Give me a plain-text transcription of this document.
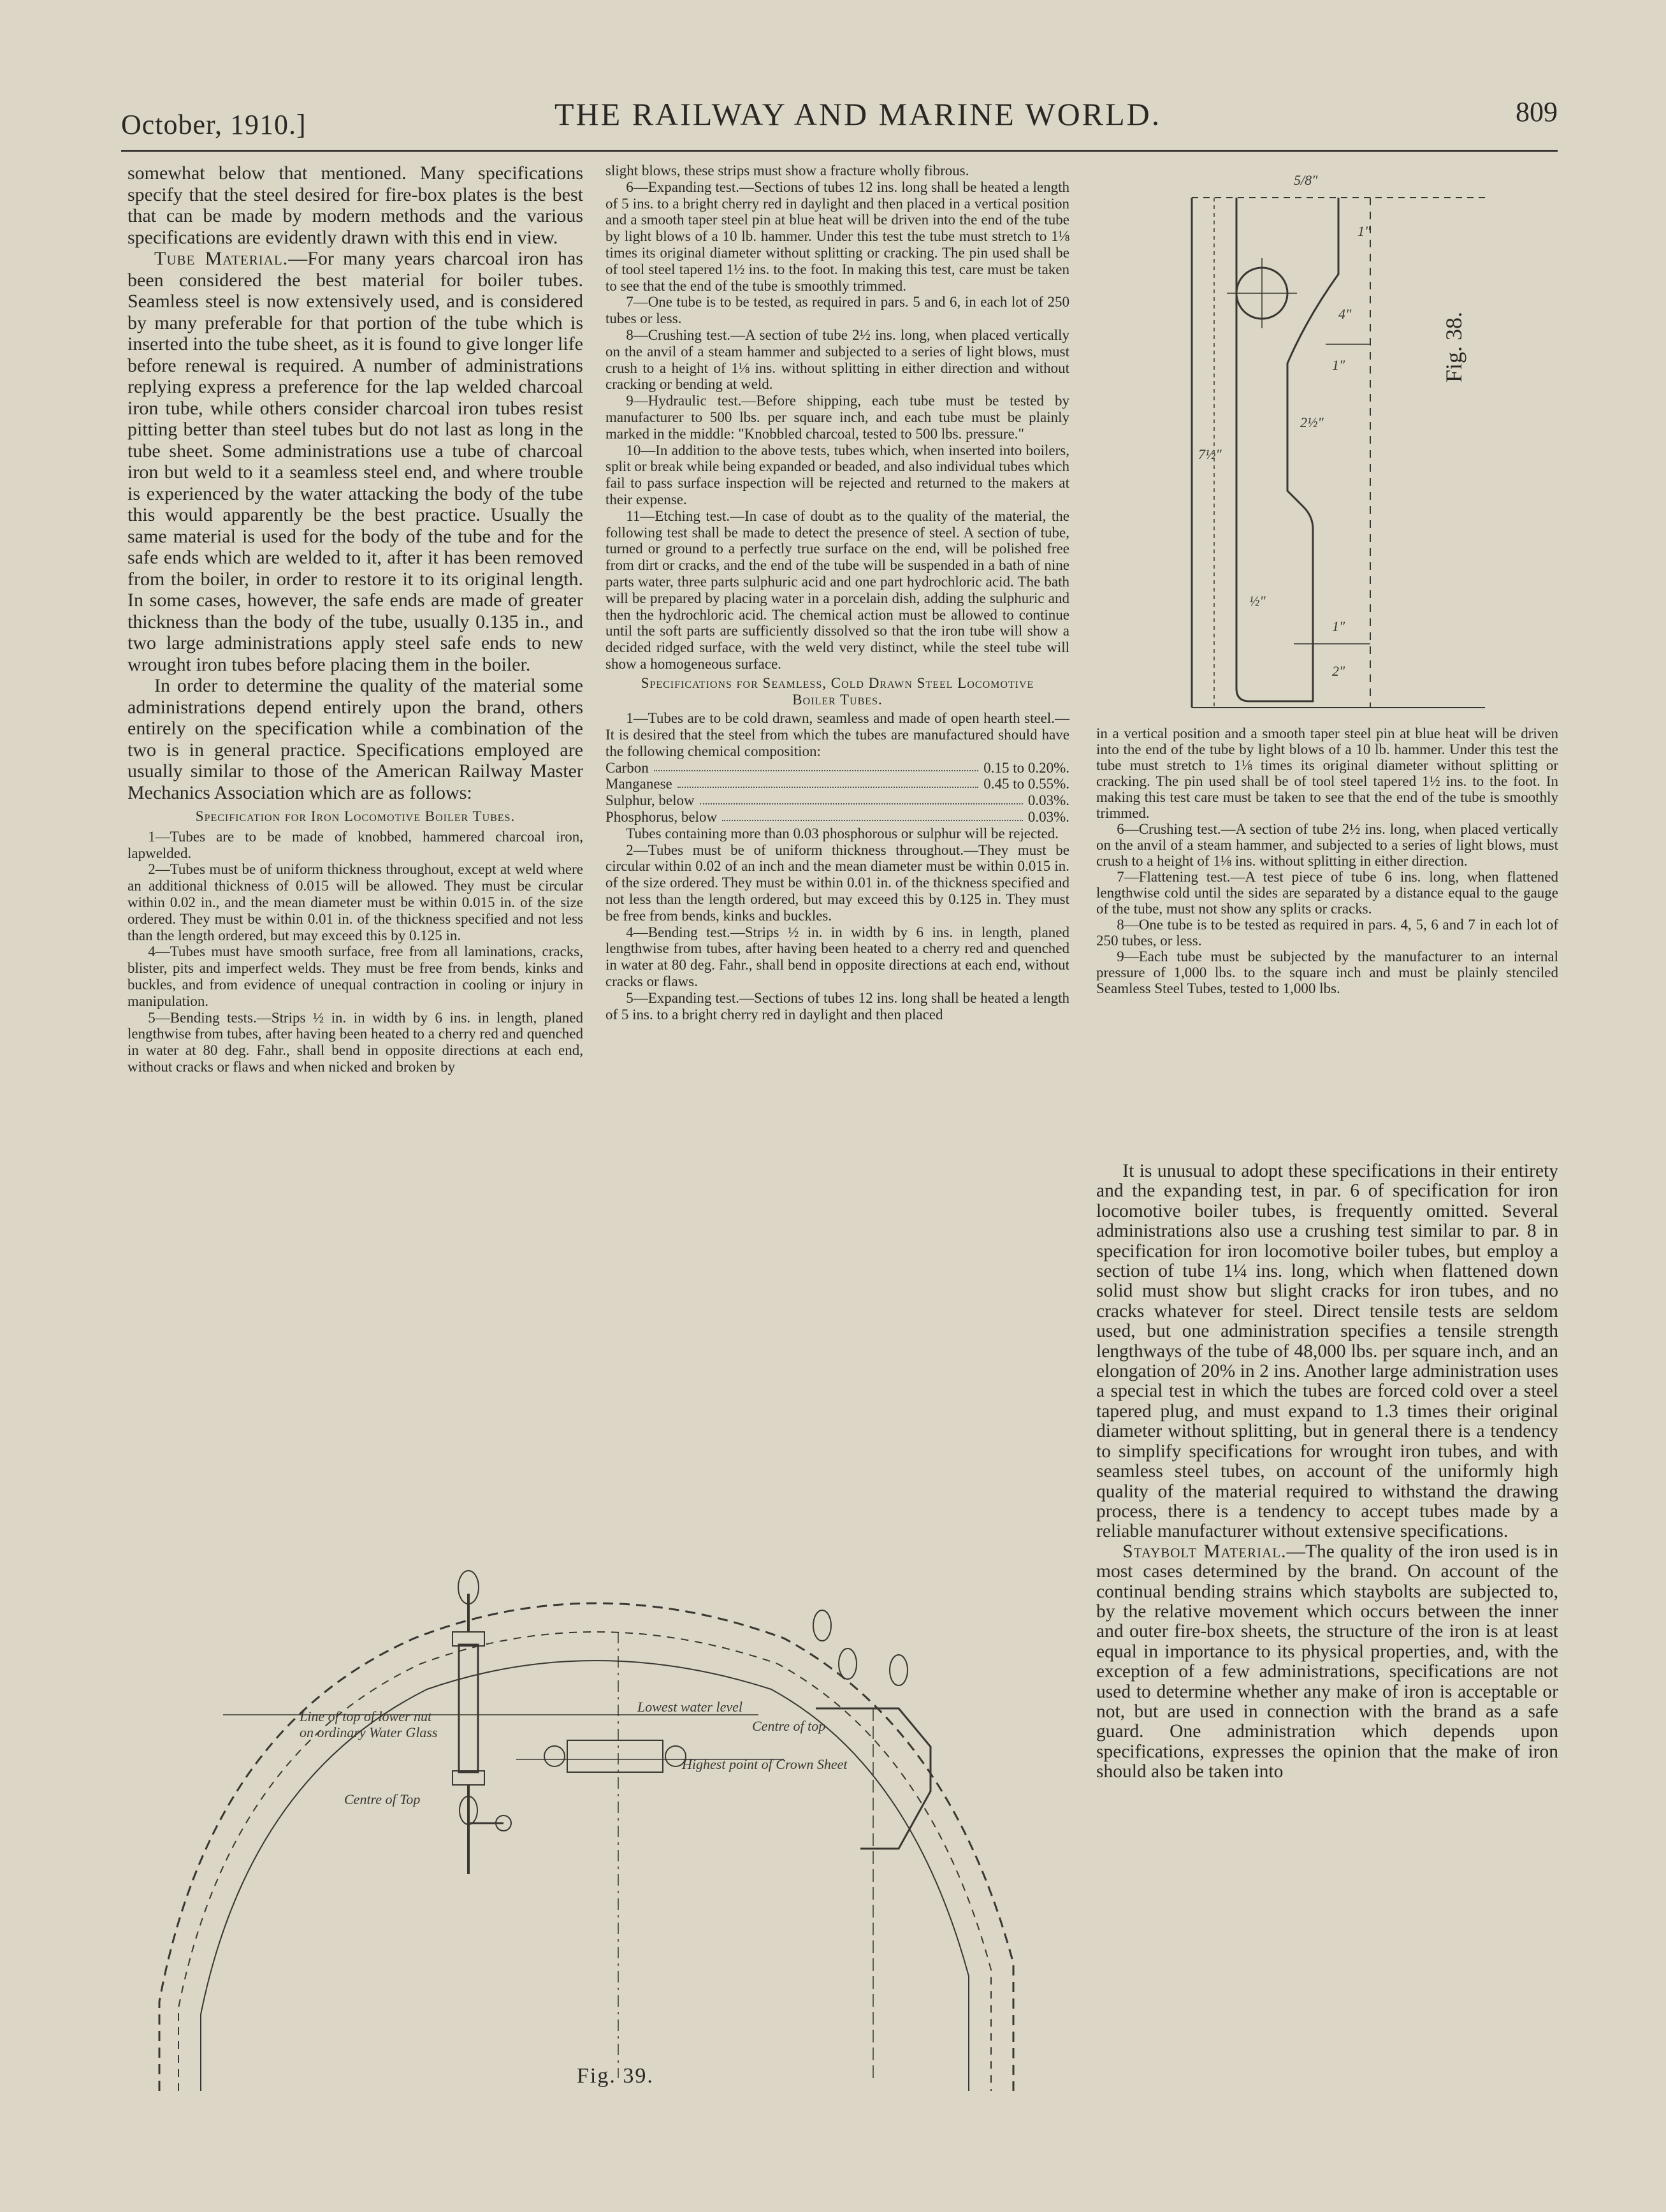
October, 1910.]	THE RAILWAY AND MARINE WORLD.	809

somewhat below that mentioned. Many specifications specify that the steel desired for fire-box plates is the best that can be made by modern methods and the various specifications are evidently drawn with this end in view.

Tube Material.—For many years charcoal iron has been considered the best material for boiler tubes. Seamless steel is now extensively used, and is considered by many preferable for that portion of the tube which is inserted into the tube sheet, as it is found to give longer life before renewal is required. A number of administrations replying express a preference for the lap welded charcoal iron tube, while others consider charcoal iron tubes resist pitting better than steel tubes but do not last as long in the tube sheet. Some administrations use a tube of charcoal iron but weld to it a seamless steel end, and where trouble is experienced by the water attacking the body of the tube this would apparently be the best practice. Usually the same material is used for the body of the tube and for the safe ends which are welded to it, after it has been removed from the boiler, in order to restore it to its original length. In some cases, however, the safe ends are made of greater thickness than the body of the tube, usually 0.135 in., and two large administrations apply steel safe ends to new wrought iron tubes before placing them in the boiler.

In order to determine the quality of the material some administrations depend entirely upon the brand, others entirely on the specification while a combination of the two is in general practice. Specifications employed are usually similar to those of the American Railway Master Mechanics Association which are as follows:

Specification for Iron Locomotive Boiler Tubes.

1—Tubes are to be made of knobbed, hammered charcoal iron, lapwelded.

2—Tubes must be of uniform thickness throughout, except at weld where an additional thickness of 0.015 will be allowed. They must be circular within 0.02 in., and the mean diameter must be within 0.015 in. of the size ordered. They must be within 0.01 in. of the thickness specified and not less than the length ordered, but may exceed this by 0.125 in.

4—Tubes must have smooth surface, free from all laminations, cracks, blister, pits and imperfect welds. They must be free from bends, kinks and buckles, and from evidence of unequal contraction in cooling or injury in manipulation.

5—Bending tests.—Strips ½ in. in width by 6 ins. in length, planed lengthwise from tubes, after having been heated to a cherry red and quenched in water at 80 deg. Fahr., shall bend in opposite directions at each end, without cracks or flaws and when nicked and broken by

slight blows, these strips must show a fracture wholly fibrous.

6—Expanding test.—Sections of tubes 12 ins. long shall be heated a length of 5 ins. to a bright cherry red in daylight and then placed in a vertical position and a smooth taper steel pin at blue heat will be driven into the end of the tube by light blows of a 10 lb. hammer. Under this test the tube must stretch to 1⅛ times its original diameter without splitting or cracking. The pin used shall be of tool steel tapered 1½ ins. to the foot. In making this test, care must be taken to see that the end of the tube is smoothly trimmed.

7—One tube is to be tested, as required in pars. 5 and 6, in each lot of 250 tubes or less.

8—Crushing test.—A section of tube 2½ ins. long, when placed vertically on the anvil of a steam hammer and subjected to a series of light blows, must crush to a height of 1⅛ ins. without splitting in either direction and without cracking or bending at weld.

9—Hydraulic test.—Before shipping, each tube must be tested by manufacturer to 500 lbs. per square inch, and each tube must be plainly marked in the middle: "Knobbled charcoal, tested to 500 lbs. pressure."

10—In addition to the above tests, tubes which, when inserted into boilers, split or break while being expanded or beaded, and also individual tubes which fail to pass surface inspection will be rejected and returned to the makers at their expense.

11—Etching test.—In case of doubt as to the quality of the material, the following test shall be made to detect the presence of steel. A section of tube, turned or ground to a perfectly true surface on the end, will be polished free from dirt or cracks, and the end of the tube will be suspended in a bath of nine parts water, three parts sulphuric acid and one part hydrochloric acid. The bath will be prepared by placing water in a porcelain dish, adding the sulphuric and then the hydrochloric acid. The chemical action must be allowed to continue until the soft parts are sufficiently dissolved so that the iron tube will show a decided ridged surface, with the weld very distinct, while the steel tube will show a homogeneous surface.

Specifications for Seamless, Cold Drawn Steel Locomotive Boiler Tubes.

1—Tubes are to be cold drawn, seamless and made of open hearth steel.—It is desired that the steel from which the tubes are manufactured should have the following chemical composition:

Carbon	0.15 to 0.20%.
Manganese	0.45 to 0.55%.
Sulphur, below	0.03%.
Phosphorus, below	0.03%.

Tubes containing more than 0.03 phosphorous or sulphur will be rejected.

2—Tubes must be of uniform thickness throughout.—They must be circular within 0.02 of an inch and the mean diameter must be within 0.015 in. of the size ordered. They must be within 0.01 in. of the thickness specified and not less than the length ordered, but may exceed this by 0.125 in. They must be free from bends, kinks and buckles.

4—Bending test.—Strips ½ in. in width by 6 ins. in length, planed lengthwise from tubes, after having been heated to a cherry red and quenched in water at 80 deg. Fahr., shall bend in opposite directions at each end, without cracks or flaws.

5—Expanding test.—Sections of tubes 12 ins. long shall be heated a length of 5 ins. to a bright cherry red in daylight and then placed

in a vertical position and a smooth taper steel pin at blue heat will be driven into the end of the tube by light blows of a 10 lb. hammer. Under this test the tube must stretch to 1⅛ times its original diameter without splitting or cracking. The pin used shall be of tool steel tapered 1½ ins. to the foot. In making this test care must be taken to see that the end of the tube is smoothly trimmed.

6—Crushing test.—A section of tube 2½ ins. long, when placed vertically on the anvil of a steam hammer, and subjected to a series of light blows, must crush to a height of 1⅛ ins. without splitting in either direction.

7—Flattening test.—A test piece of tube 6 ins. long, when flattened lengthwise cold until the sides are separated by a distance equal to the gauge of the tube, must not show any splits or cracks.

8—One tube is to be tested as required in pars. 4, 5, 6 and 7 in each lot of 250 tubes, or less.

9—Each tube must be subjected by the manufacturer to an internal pressure of 1,000 lbs. to the square inch and must be plainly stenciled Seamless Steel Tubes, tested to 1,000 lbs.

It is unusual to adopt these specifications in their entirety and the expanding test, in par. 6 of specification for iron locomotive boiler tubes, is frequently omitted. Several administrations also use a crushing test similar to par. 8 in specification for iron locomotive boiler tubes, but employ a section of tube 1¼ ins. long, which when flattened down solid must show but slight cracks for iron tubes, and no cracks whatever for steel. Direct tensile tests are seldom used, but one administration specifies a tensile strength lengthways of the tube of 48,000 lbs. per square inch, and an elongation of 20% in 2 ins. Another large administration uses a special test in which the tubes are forced cold over a steel tapered plug, and must expand to 1.3 times their original diameter without splitting, but in general there is a tendency to simplify specifications for wrought iron tubes, and with seamless steel tubes, on account of the uniformly high quality of the material required to withstand the drawing process, there is a tendency to accept tubes made by a reliable manufacturer without extensive specifications.

Staybolt Material.—The quality of the iron used is in most cases determined by the brand. On account of the continual bending strains which staybolts are subjected to, by the relative movement which occurs between the inner and outer fire-box sheets, the structure of the iron is at least equal in importance to its physical properties, and, with the exception of a few administrations, specifications are not used to determine whether any make of iron is acceptable or not, but are used in connection with the brand as a safe guard. One administration which depends upon specifications, expresses the opinion that the make of iron should also be taken into

5/8"
1"
4"
1"
7½"
2½"
½"
1"
2"
Fig. 38.
Line of top of lower nut
on ordinary Water Glass
Lowest water level
Centre of top
Highest point of Crown Sheet
Centre of Top
Fig. 39.
